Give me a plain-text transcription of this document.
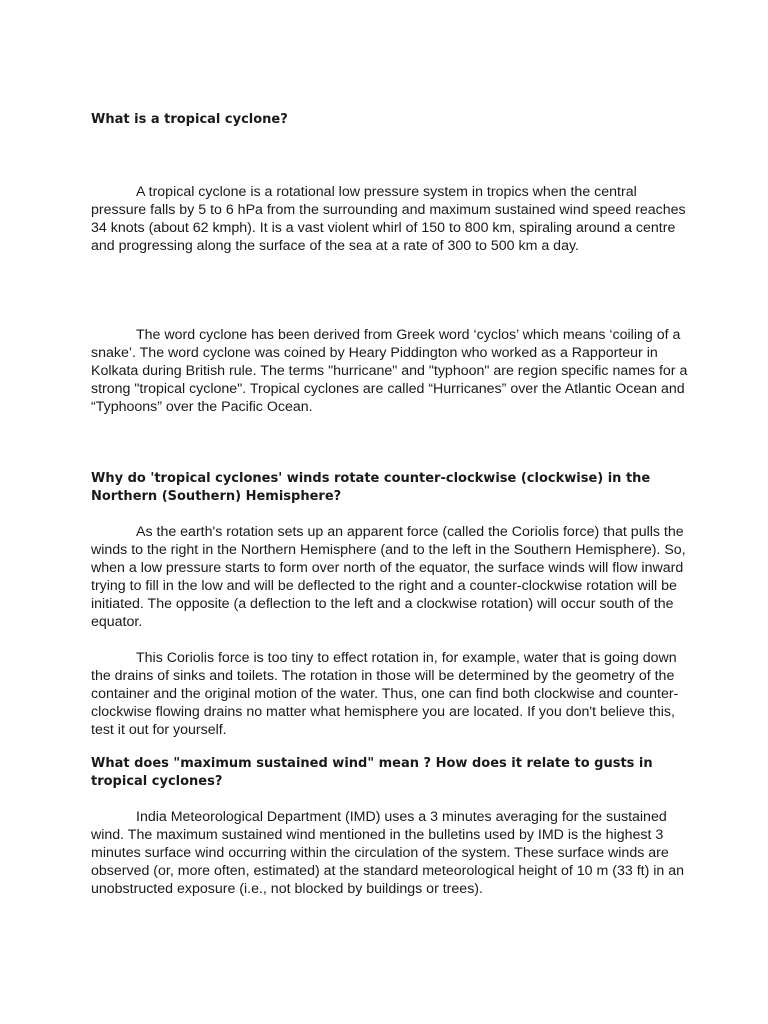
What is a tropical cyclone?

A tropical cyclone is a rotational low pressure system in tropics when the central pressure falls by 5 to 6 hPa from the surrounding and maximum sustained wind speed reaches 34 knots (about 62 kmph). It is a vast violent whirl of 150 to 800 km, spiraling around a centre and progressing along the surface of the sea at a rate of 300 to 500 km a day.

The word cyclone has been derived from Greek word ‘cyclos’ which means ‘coiling of a snake’. The word cyclone was coined by Heary Piddington who worked as a Rapporteur in Kolkata during British rule. The terms "hurricane" and "typhoon" are region specific names for a strong "tropical cyclone". Tropical cyclones are called “Hurricanes” over the Atlantic Ocean and “Typhoons” over the Pacific Ocean.

Why do 'tropical cyclones' winds rotate counter-clockwise (clockwise) in the Northern (Southern) Hemisphere?

As the earth's rotation sets up an apparent force (called the Coriolis force) that pulls the winds to the right in the Northern Hemisphere (and to the left in the Southern Hemisphere). So, when a low pressure starts to form over north of the equator, the surface winds will flow inward trying to fill in the low and will be deflected to the right and a counter-clockwise rotation will be initiated. The opposite (a deflection to the left and a clockwise rotation) will occur south of the equator.

This Coriolis force is too tiny to effect rotation in, for example, water that is going down the drains of sinks and toilets. The rotation in those will be determined by the geometry of the container and the original motion of the water. Thus, one can find both clockwise and counter-clockwise flowing drains no matter what hemisphere you are located. If you don't believe this, test it out for yourself.

What does "maximum sustained wind" mean ? How does it relate to gusts in tropical cyclones?

India Meteorological Department (IMD) uses a 3 minutes averaging for the sustained wind. The maximum sustained wind mentioned in the bulletins used by IMD is the highest 3 minutes surface wind occurring within the circulation of the system. These surface winds are observed (or, more often, estimated) at the standard meteorological height of 10 m (33 ft) in an unobstructed exposure (i.e., not blocked by buildings or trees).
